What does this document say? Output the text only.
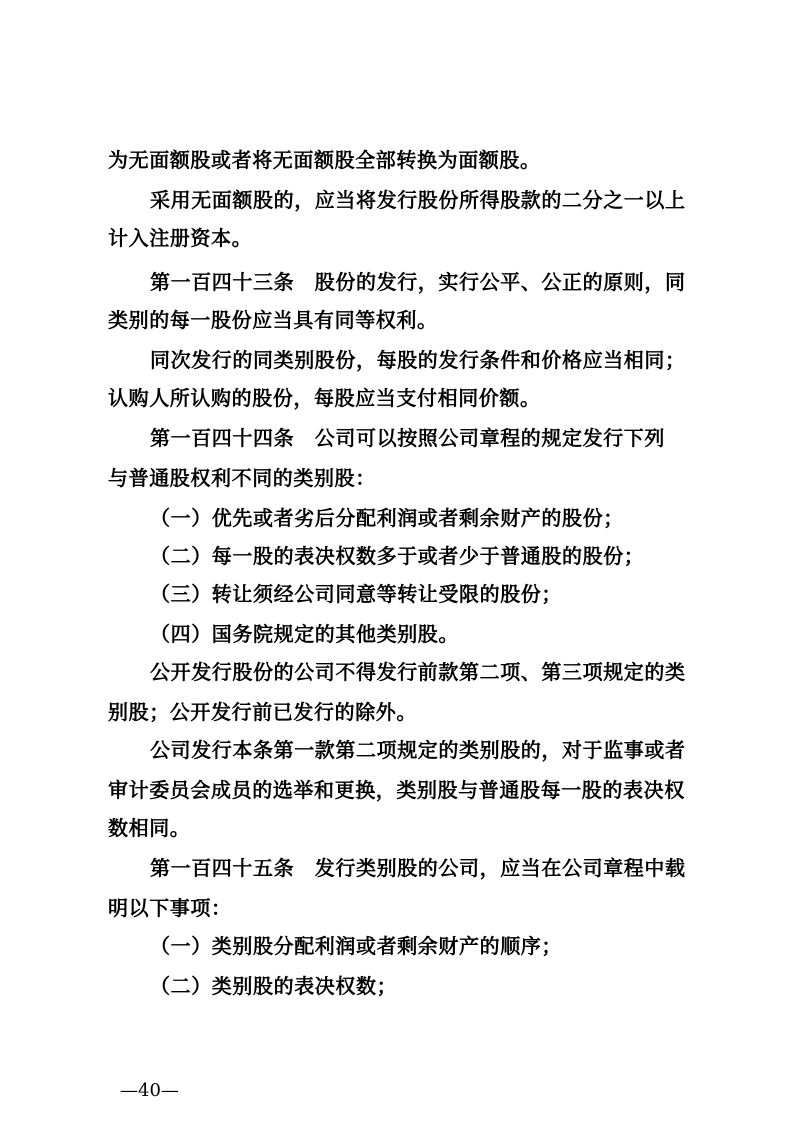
为无面额股或者将无面额股全部转换为面额股。
采用无面额股的，应当将发行股份所得股款的二分之一以上
计入注册资本。
第一百四十三条　股份的发行，实行公平、公正的原则，同
类别的每一股份应当具有同等权利。
同次发行的同类别股份，每股的发行条件和价格应当相同；
认购人所认购的股份，每股应当支付相同价额。
第一百四十四条　公司可以按照公司章程的规定发行下列
与普通股权利不同的类别股：
（一）优先或者劣后分配利润或者剩余财产的股份；
（二）每一股的表决权数多于或者少于普通股的股份；
（三）转让须经公司同意等转让受限的股份；
（四）国务院规定的其他类别股。
公开发行股份的公司不得发行前款第二项、第三项规定的类
别股；公开发行前已发行的除外。
公司发行本条第一款第二项规定的类别股的，对于监事或者
审计委员会成员的选举和更换，类别股与普通股每一股的表决权
数相同。
第一百四十五条　发行类别股的公司，应当在公司章程中载
明以下事项：
（一）类别股分配利润或者剩余财产的顺序；
（二）类别股的表决权数；
—40—
